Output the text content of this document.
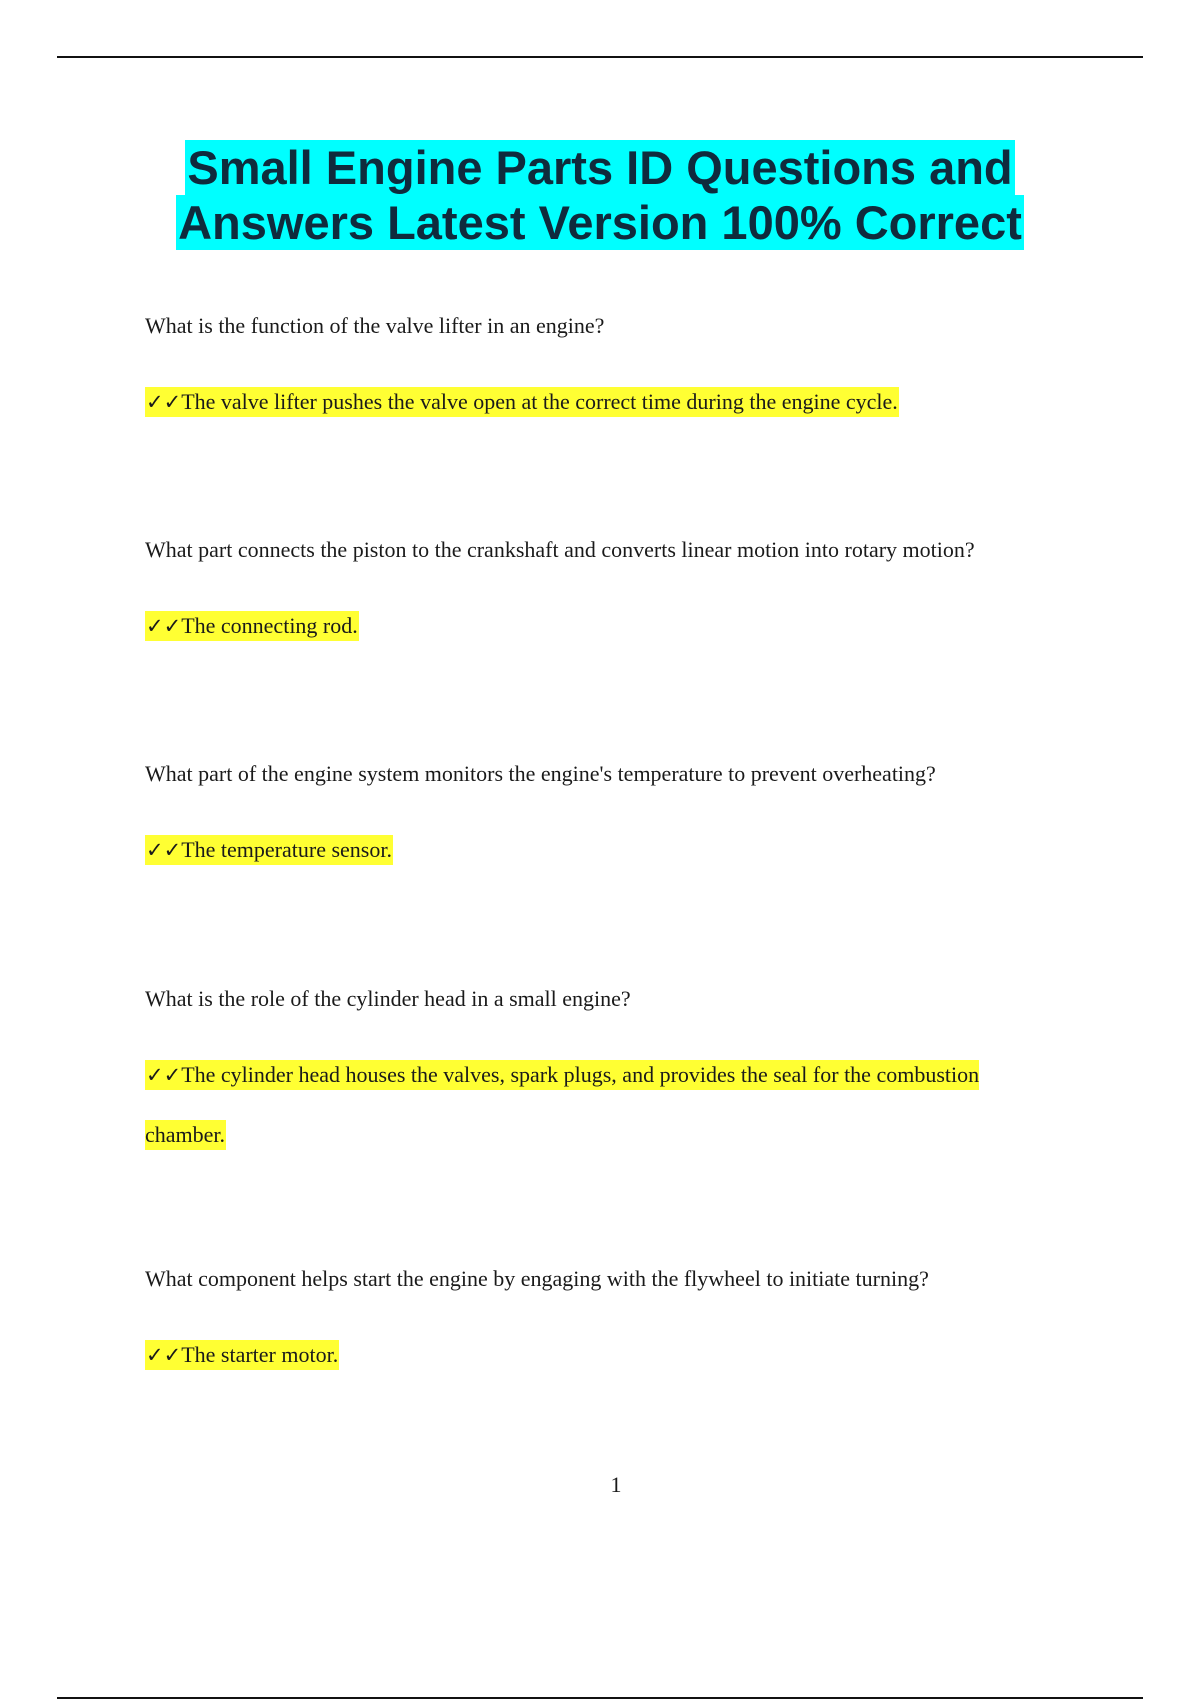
Small Engine Parts ID Questions and
Answers Latest Version 100% Correct
What is the function of the valve lifter in an engine?
✓✓The valve lifter pushes the valve open at the correct time during the engine cycle.
What part connects the piston to the crankshaft and converts linear motion into rotary motion?
✓✓The connecting rod.
What part of the engine system monitors the engine's temperature to prevent overheating?
✓✓The temperature sensor.
What is the role of the cylinder head in a small engine?
✓✓The cylinder head houses the valves, spark plugs, and provides the seal for the combustion chamber.
What component helps start the engine by engaging with the flywheel to initiate turning?
✓✓The starter motor.
1
